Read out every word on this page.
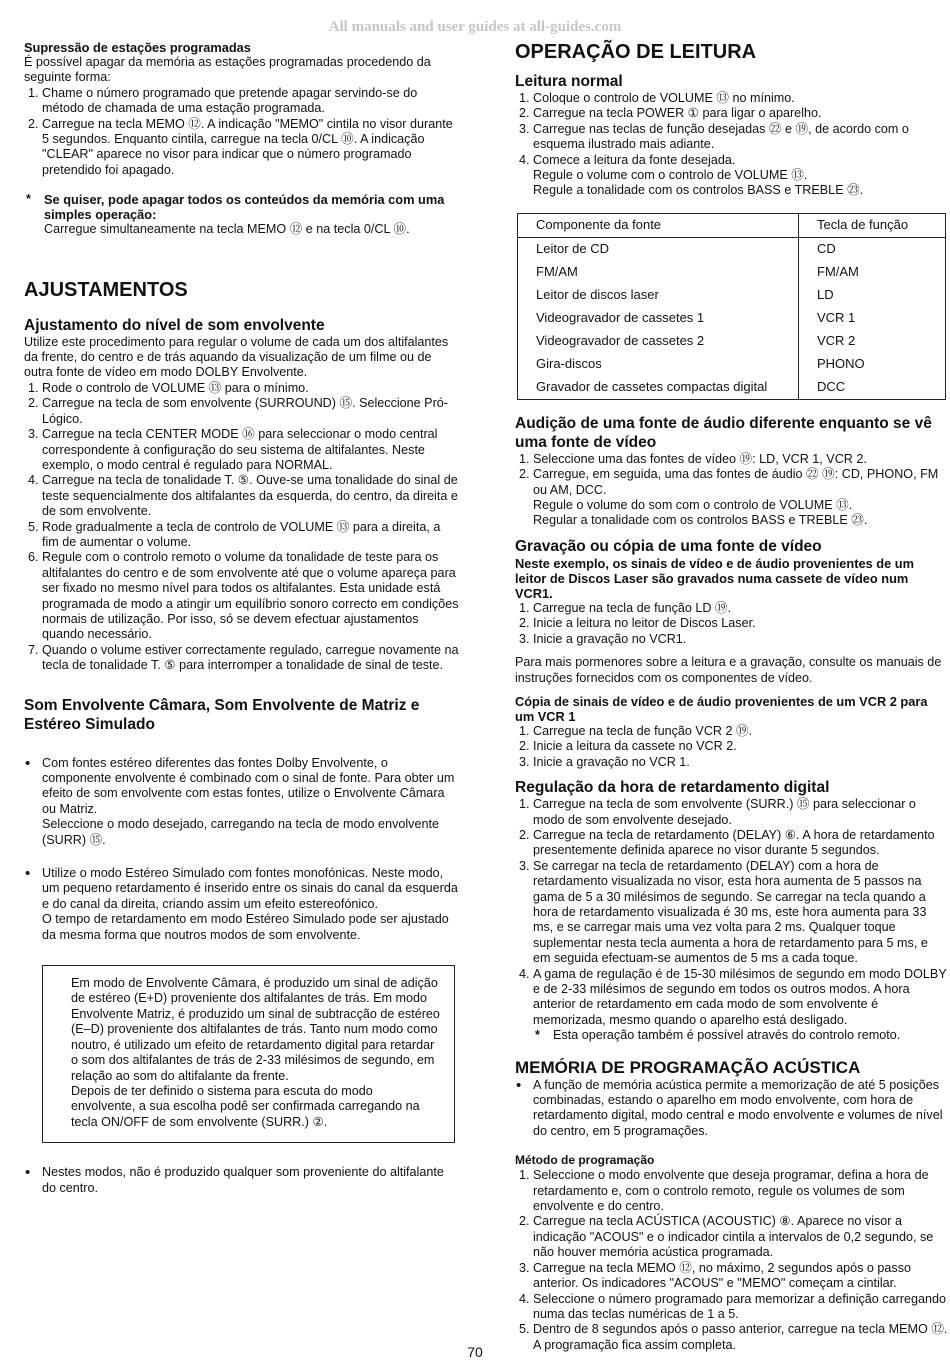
All manuals and user guides at all-guides.com
Supressão de estações programadas

É possível apagar da memória as estações programadas procedendo da seguinte forma:

1. Chame o número programado que pretende apagar servindo-se do método de chamada de uma estação programada.
2. Carregue na tecla MEMO ⑫. A indicação "MEMO" cintila no visor durante 5 segundos. Enquanto cintila, carregue na tecla 0/CL ⑩. A indicação "CLEAR" aparece no visor para indicar que o número programado pretendido foi apagado.
* Se quiser, pode apagar todos os conteúdos da memória com uma simples operação:

Carregue simultaneamente na tecla MEMO ⑫ e na tecla 0/CL ⑩.

AJUSTAMENTOS
Ajustamento do nível de som envolvente

Utilize este procedimento para regular o volume de cada um dos altifalantes da frente, do centro e de trás aquando da visualização de um filme ou de outra fonte de vídeo em modo DOLBY Envolvente.

1. Rode o controlo de VOLUME ⑬ para o mínimo.
2. Carregue na tecla de som envolvente (SURROUND) ⑮. Seleccione Pró-Lógico.
3. Carregue na tecla CENTER MODE ⑯ para seleccionar o modo central correspondente à configuração do seu sistema de altifalantes. Neste exemplo, o modo central é regulado para NORMAL.
4. Carregue na tecla de tonalidade T. ⑤. Ouve-se uma tonalidade do sinal de teste sequencialmente dos altifalantes da esquerda, do centro, da direita e de som envolvente.
5. Rode gradualmente a tecla de controlo de VOLUME ⑬ para a direita, a fim de aumentar o volume.
6. Regule com o controlo remoto o volume da tonalidade de teste para os altifalantes do centro e de som envolvente até que o volume apareça para ser fixado no mesmo nível para todos os altifalantes. Esta unidade está programada de modo a atingir um equilíbrio sonoro correcto em condições normais de utilização. Por isso, só se devem efectuar ajustamentos quando necessário.
7. Quando o volume estiver correctamente regulado, carregue novamente na tecla de tonalidade T. ⑤ para interromper a tonalidade de sinal de teste.
Som Envolvente Câmara, Som Envolvente de Matriz e Estéreo Simulado

• Com fontes estéreo diferentes das fontes Dolby Envolvente, o componente envolvente é combinado com o sinal de fonte. Para obter um efeito de som envolvente com estas fontes, utilize o Envolvente Câmara ou Matriz.

Seleccione o modo desejado, carregando na tecla de modo envolvente (SURR) ⑮.

• Utilize o modo Estéreo Simulado com fontes monofónicas. Neste modo, um pequeno retardamento é inserido entre os sinais do canal da esquerda e do canal da direita, criando assim um efeito estereofónico.

O tempo de retardamento em modo Estéreo Simulado pode ser ajustado da mesma forma que noutros modos de som envolvente.

Em modo de Envolvente Câmara, é produzido um sinal de adição de estéreo (E+D) proveniente dos altifalantes de trás. Em modo Envolvente Matriz, é produzido um sinal de subtracção de estéreo (E–D) proveniente dos altifalantes de trás. Tanto num modo como noutro, é utilizado um efeito de retardamento digital para retardar o som dos altifalantes de trás de 2-33 milésimos de segundo, em relação ao som do altifalante da frente.

Depois de ter definido o sistema para escuta do modo envolvente, a sua escolha podê ser confirmada carregando na tecla ON/OFF de som envolvente (SURR.) ②.

• Nestes modos, não é produzido qualquer som proveniente do altifalante do centro.
OPERAÇÃO DE LEITURA
Leitura normal
1. Coloque o controlo de VOLUME ⑬ no mínimo.
2. Carregue na tecla POWER ① para ligar o aparelho.
3. Carregue nas teclas de função desejadas ㉒ e ⑲, de acordo com o esquema ilustrado mais adiante.
4. Comece a leitura da fonte desejada.
Regule o volume com o controlo de VOLUME ⑬.
Regule a tonalidade com os controlos BASS e TREBLE ㉓.
Componente da fonte	Tecla de função
Leitor de CD	CD
FM/AM	FM/AM
Leitor de discos laser	LD
Videogravador de cassetes 1	VCR 1
Videogravador de cassetes 2	VCR 2
Gira-discos	PHONO
Gravador de cassetes compactas digital	DCC
Audição de uma fonte de áudio diferente enquanto se vê uma fonte de vídeo
1. Seleccione uma das fontes de vídeo ⑲: LD, VCR 1, VCR 2.
2. Carregue, em seguida, uma das fontes de áudio ㉒ ⑲: CD, PHONO, FM ou AM, DCC.
Regule o volume do som com o controlo de VOLUME ⑬.
Regular a tonalidade com os controlos BASS e TREBLE ㉓.
Gravação ou cópia de uma fonte de vídeo
Neste exemplo, os sinais de vídeo e de áudio provenientes de um leitor de Discos Laser são gravados numa cassete de vídeo num VCR1.
1. Carregue na tecla de função LD ⑲.
2. Inicie a leitura no leitor de Discos Laser.
3. Inicie a gravação no VCR1.

Para mais pormenores sobre a leitura e a gravação, consulte os manuais de instruções fornecidos com os componentes de vídeo.

Cópia de sinais de vídeo e de áudio provenientes de um VCR 2 para um VCR 1
1. Carregue na tecla de função VCR 2 ⑲.
2. Inicie a leitura da cassete no VCR 2.
3. Inicie a gravação no VCR 1.
Regulação da hora de retardamento digital
1. Carregue na tecla de som envolvente (SURR.) ⑮ para seleccionar o modo de som envolvente desejado.
2. Carregue na tecla de retardamento (DELAY) ⑥. A hora de retardamento presentemente definida aparece no visor durante 5 segundos.
3. Se carregar na tecla de retardamento (DELAY) com a hora de retardamento visualizada no visor, esta hora aumenta de 5 passos na gama de 5 a 30 milésimos de segundo. Se carregar na tecla quando a hora de retardamento visualizada é 30 ms, este hora aumenta para 33 ms, e se carregar mais uma vez volta para 2 ms. Qualquer toque suplementar nesta tecla aumenta a hora de retardamento para 5 ms, e em seguida efectuam-se aumentos de 5 ms a cada toque.
4. A gama de regulação é de 15-30 milésimos de segundo em modo DOLBY e de 2-33 milésimos de segundo em todos os outros modos. A hora anterior de retardamento em cada modo de som envolvente é memorizada, mesmo quando o aparelho está desligado.
* Esta operação também é possível através do controlo remoto.
MEMÓRIA DE PROGRAMAÇÃO ACÚSTICA
• A função de memória acústica permite a memorização de até 5 posições combinadas, estando o aparelho em modo envolvente, com hora de retardamento digital, modo central e modo envolvente e volumes de nível do centro, em 5 programações.
Método de programação
1. Seleccione o modo envolvente que deseja programar, defina a hora de retardamento e, com o controlo remoto, regule os volumes de som envolvente e do centro.
2. Carregue na tecla ACÚSTICA (ACOUSTIC) ⑧. Aparece no visor a indicação "ACOUS" e o indicador cintila a intervalos de 0,2 segundo, se não houver memória acústica programada.
3. Carregue na tecla MEMO ⑫, no máximo, 2 segundos após o passo anterior. Os indicadores "ACOUS" e "MEMO" começam a cintilar.
4. Seleccione o número programado para memorizar a definição carregando numa das teclas numéricas de 1 a 5.
5. Dentro de 8 segundos após o passo anterior, carregue na tecla MEMO ⑫. A programação fica assim completa.
70
